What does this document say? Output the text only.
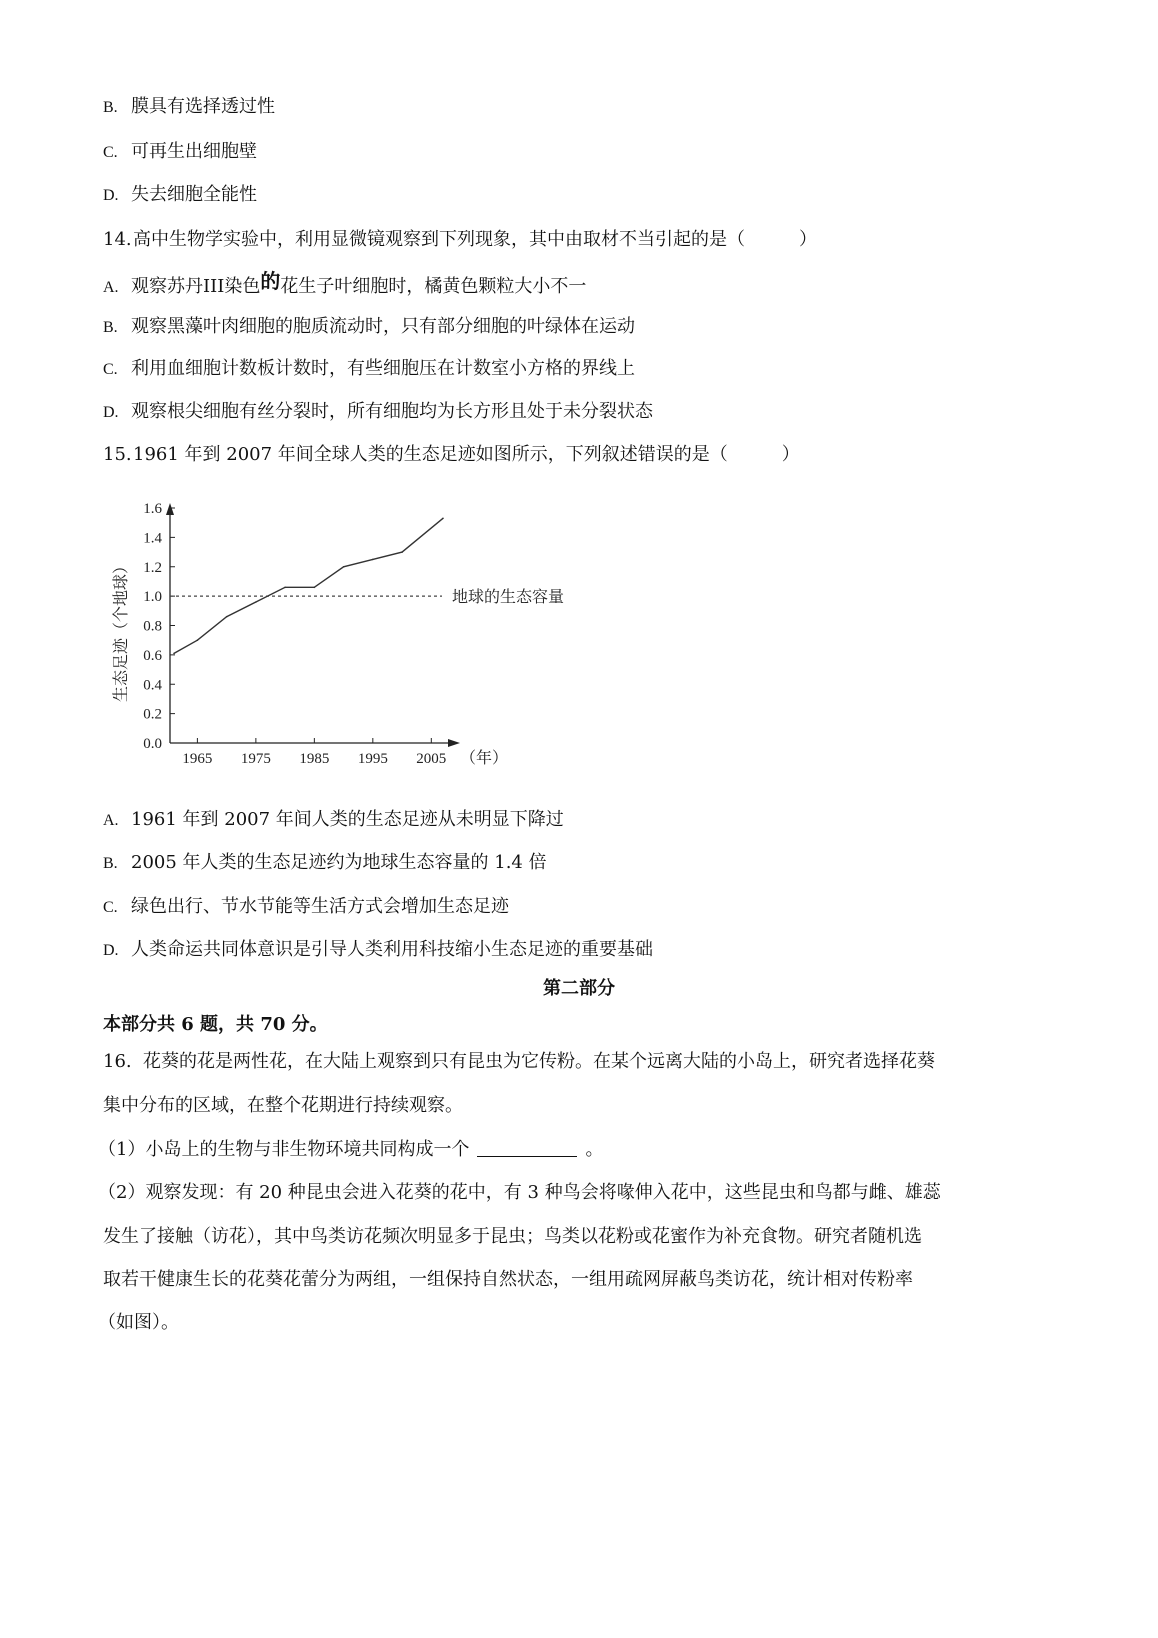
B. 膜具有选择透过性
C. 可再生出细胞壁
D. 失去细胞全能性
14.高中生物学实验中，利用显微镜观察到下列现象，其中由取材不当引起的是（　　　）
A. 观察苏丹III染色的花生子叶细胞时，橘黄色颗粒大小不一
B. 观察黑藻叶肉细胞的胞质流动时，只有部分细胞的叶绿体在运动
C. 利用血细胞计数板计数时，有些细胞压在计数室小方格的界线上
D. 观察根尖细胞有丝分裂时，所有细胞均为长方形且处于未分裂状态
15.1961 年到 2007 年间全球人类的生态足迹如图所示，下列叙述错误的是（　　　）
0.0
0.2
0.4
0.6
0.8
1.0
1.2
1.4
1.6
1965 1975 1985 1995 2005
地球的生态容量
生态足迹（个地球）
（年）
A. 1961 年到 2007 年间人类的生态足迹从未明显下降过
B. 2005 年人类的生态足迹约为地球生态容量的 1.4 倍
C. 绿色出行、节水节能等生活方式会增加生态足迹
D. 人类命运共同体意识是引导人类利用科技缩小生态足迹的重要基础
第二部分
本部分共 6 题，共 70 分。
16. 花葵的花是两性花，在大陆上观察到只有昆虫为它传粉。在某个远离大陆的小岛上，研究者选择花葵
集中分布的区域，在整个花期进行持续观察。
（1）小岛上的生物与非生物环境共同构成一个	。
（2）观察发现：有 20 种昆虫会进入花葵的花中，有 3 种鸟会将喙伸入花中，这些昆虫和鸟都与雌、雄蕊
发生了接触（访花），其中鸟类访花频次明显多于昆虫；鸟类以花粉或花蜜作为补充食物。研究者随机选
取若干健康生长的花葵花蕾分为两组，一组保持自然状态，一组用疏网屏蔽鸟类访花，统计相对传粉率
（如图）。
